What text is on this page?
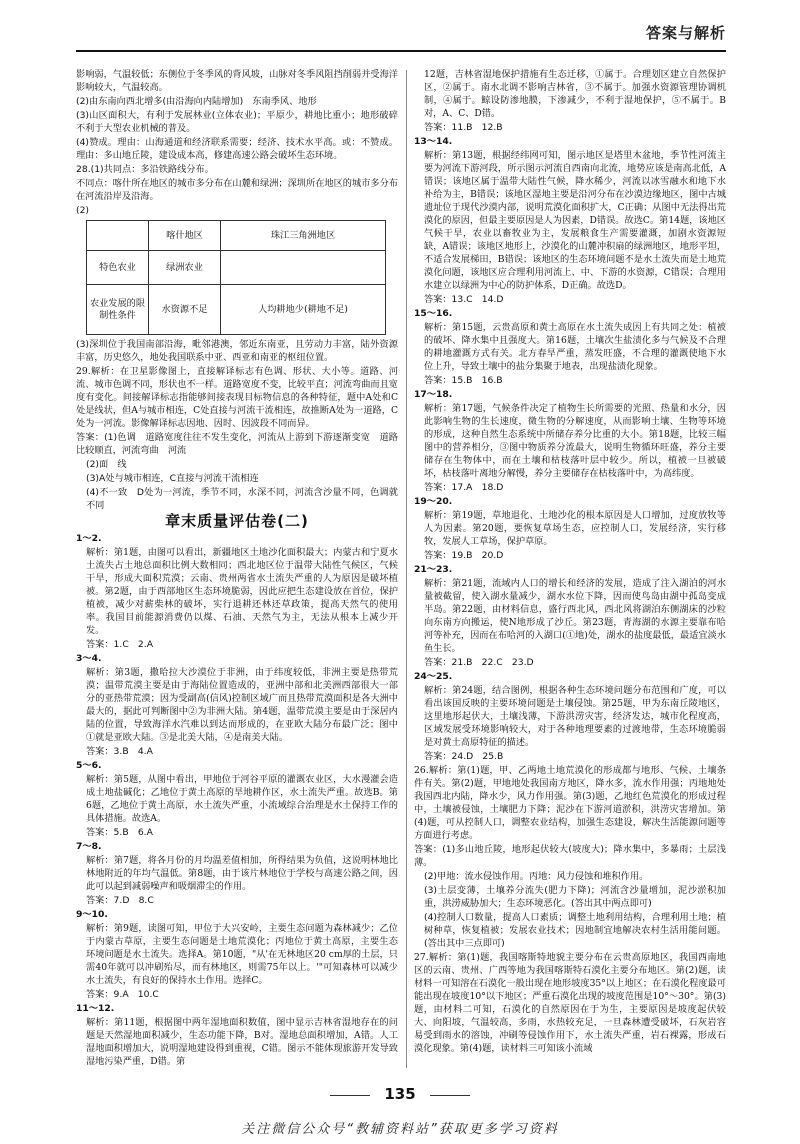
答案与解析
影响弱，气温较低；东侧位于冬季风的背风坡，山脉对冬季风阻挡削弱并受海洋影响较大，气温较高。
(2)由东南向西北增多(由沿海向内陆增加)　东南季风、地形
(3)山区面积大，有利于发展林业(立体农业)；平原少，耕地比重小；地形破碎不利于大型农业机械的普及。
(4)赞成。理由：山海通道和经济联系需要；经济、技术水平高。或：不赞成。理由：多山地丘陵，建设成本高，修建高速公路会破坏生态环境。
28.(1)共同点：多沿铁路线分布。
不同点：喀什所在地区的城市多分布在山麓和绿洲；深圳所在地区的城市多分布在河流沿岸及沿海。
(2)
	喀什地区	珠江三角洲地区
特色农业	绿洲农业	
农业发展的限制性条件	水资源不足	人均耕地少(耕地不足)
(3)深圳位于我国南部沿海，毗邻港澳，邻近东南亚，且劳动力丰富，陆外资源丰富，历史悠久，地处我国联系中亚、西亚和南亚的枢纽位置。
29.解析：在卫星影像图上，直接解译标志有色调、形状、大小等。道路、河流、城市色调不同，形状也不一样。道路宽度不变，比较平直；河流弯曲而且宽度有变化。间接解译标志指能够间接表现目标物信息的各种特征，题中A处和C处是线状，但A与城市相连，C处直接与河流干流相连，故推断A处为一道路，C处为一河流。影像解译标志因地、因时、因波段不同而异。
答案：(1)色调　道路宽度往往不发生变化，河流从上游到下游逐渐变宽　道路比较顺直，河流弯曲　河流
(2)面　线
(3)A处与城市相连，C直接与河流干流相连
(4)不一致　D处为一河流，季节不同，水深不同，河流含沙量不同，色调就不同
章末质量评估卷(二)
1～2.
解析：第1题，由图可以看出，新疆地区土地沙化面积最大；内蒙古和宁夏水土流失占土地总面积比例大数相同；西北地区位于温带大陆性气候区，气候干旱，形成大面积荒漠；云南、贵州两省水土流失严重的人为原因是破坏植被。第2题，由于西部地区生态环境脆弱，因此应把生态建设放在首位，保护植被，减少对薪柴林的破坏，实行退耕还林还草政策，提高天然气的使用率。我国目前能源消费仍以煤、石油、天然气为主，无法从根本上减少开发。
答案：1.C　2.A
3～4.
解析：第3题，撒哈拉大沙漠位于非洲，由于纬度较低，非洲主要是热带荒漠；温带荒漠主要是由于海陆位置造成的，亚洲中部和北美洲西部很大一部分的亚热带荒漠；因为受副高(信风)控制区域广而且热带荒漠面积是各大洲中最大的，据此可判断图中②为非洲大陆。第4题，温带荒漠主要是由于深居内陆的位置，导致海洋水汽难以到达而形成的，在亚欧大陆分布最广泛；图中①就是亚欧大陆。③是北美大陆，④是南美大陆。
答案：3.B　4.A
5～6.
解析：第5题，从图中看出，甲地位于河谷平原的灌溉农业区，大水漫灌会造成土地盐碱化；乙地位于黄土高原的旱地耕作区，水土流失严重。故选B。第6题，乙地位于黄土高原，水土流失严重，小流域综合治理是水土保持工作的具体措施。故选A。
答案：5.B　6.A
7～8.
解析：第7题，将各月份的月均温差值相加，所得结果为负值，这说明林地比林地附近的年均气温低。第8题，由于该片林地位于学校与高速公路之间，因此可以起到减弱噪声和吸烟滞尘的作用。
答案：7.D　8.C
9～10.
解析：第9题，读图可知，甲位于大兴安岭，主要生态问题为森林减少；乙位于内蒙古草原，主要生态问题是土地荒漠化；丙地位于黄土高原，主要生态环境问题是水土流失。选择A。第10题，"从'在无林地区20 cm厚的土层，只需40年就可以冲刷殆尽，而有林地区，则需75年以上。'"可知森林可以减少水土流失，有良好的保持水土作用。选择C。
答案：9.A　10.C
11～12.
解析：第11题，根据图中两年湿地面积数值，图中显示吉林省湿地存在的问题是天然湿地面积减少，生态功能下降，B对。湿地总面积增加，A错。人工湿地面积增加大，说明湿地建设得到重视，C错。图示不能体现旅游开发导致湿地污染严重，D错。第
12题，吉林省湿地保护措施有生态迁移，①属于。合理划区建立自然保护区，②属于。南水北调不影响吉林省，③不属于。加强水资源管理协调机制，④属于。鲸设防渗地膜，下渗减少，不利于湿地保护，⑤不属于。B对，A、C、D错。
答案：11.B　12.B
13～14.
解析：第13题，根据经纬网可知，图示地区是塔里木盆地，季节性河流主要为河流下游河段，所示图示河流自西南向北流，地势应该是南高北低，A错误；该地区属于温带大陆性气候，降水稀少，河流以冰雪融水和地下水补给为主，B错误；该地区湿地主要是沿河分布在沙漠边缘地区，图中古城遗址位于现代沙漠内部，说明荒漠化面积扩大，C正确；从图中无法得出荒漠化的原因，但最主要原因是人为因素，D错误。故选C。第14题，该地区气候干旱，农业以畜牧业为主，发展粮食生产需要灌溉，加剧水资源短缺，A错误；该地区地形上，沙漠化的山麓冲积扇的绿洲地区，地形平坦，不适合发展梯田，B错误；该地区的生态环境问题不是水土流失而是土地荒漠化问题，该地区应合理利用河流上、中、下游的水资源，C错误；合理用水建立以绿洲为中心的防护体系，D正确。故选D。
答案：13.C　14.D
15～16.
解析：第15题，云贵高原和黄土高原在水土流失成因上有共同之处：植被的破坏、降水集中且强度大。第16题，土壤次生盐渍化多与气候及不合理的耕地灌溉方式有关。北方春旱严重，蒸发旺盛，不合理的灌溉使地下水位上升，导致土壤中的盐分集聚于地表，出现盐渍化现象。
答案：15.B　16.B
17～18.
解析：第17题，气候条件决定了植物生长所需要的光照、热量和水分，因此影响生物的生长速度，微生物的分解速度，从而影响土壤、生物等环境的形成，这种自然生态系统中所储存养分比重的大小。第18题，比较三幅图中的营养相分，③图中物质养分流最大，说明生物循环旺盛，养分主要储存在生物体中，而在土壤和枯枝落叶层中较少。所以，植被一旦被破坏，枯枝落叶离地分解慢，养分主要储存在枯枝落叶中，为高纬度。
答案：17.A　18.D
19～20.
解析：第19题，草地退化、土地沙化的根本原因是人口增加，过度放牧等人为因素。第20题，要恢复草场生态，应控制人口，发展经济，实行移牧，发展人工草场，保护草原。
答案：19.B　20.D
21～23.
解析：第21题，流域内人口的增长和经济的发展，造成了注入湖泊的河水量被截留，使入湖水量减少，湖水水位下降，因而使鸟岛由湖中孤岛变成半岛。第22题，由材料信息，盛行西北风，西北风将湖泊东侧湖床的沙粒向东南方向搬运，使N地形成了沙丘。第23题，青海湖的水源主要靠布哈河等补充，因而在布哈河的入湖口(①地)处，湖水的盐度最低，最适宜淡水鱼生长。
答案：21.B　22.C　23.D
24～25.
解析：第24题，结合图例，根据各种生态环境问题分布范围和广度，可以看出该国反映的主要环境问题是土壤侵蚀。第25题，甲为东南丘陵地区，这里地形起伏大，土壤浅薄，下游洪涝灾害，经济发达，城市化程度高，区域发展受环境影响较大，对于各种地理要素的过渡地带，生态环境脆弱是对黄土高原特征的描述。
答案：24.D　25.B
26.解析：第(1)题，甲、乙两地土地荒漠化的形成都与地形、气候、土壤条件有关。第(2)题，甲地地处我国南方地区，降水多，流水作用强；丙地地处我国西北内陆，降水少，风力作用强。第(3)题，乙地红色荒漠化的形成过程中，土壤被侵蚀，土壤肥力下降；泥沙在下游河道淤积，洪涝灾害增加。第(4)题，可从控制人口，调整农业结构，加强生态建设，解决生活能源问题等方面进行考虑。
答案：(1)多山地丘陵，地形起伏较大(坡度大)；降水集中，多暴雨；土层浅薄。
(2)甲地：流水侵蚀作用。丙地：风力侵蚀和堆积作用。
(3)土层变薄，土壤养分流失(肥力下降)；河流含沙量增加，泥沙淤积加重，洪涝威胁加大；生态环境恶化。(答出其中两点即可)
(4)控制人口数量，提高人口素质；调整土地利用结构，合理利用土地；植树种草，恢复植被；发展农业技术；因地制宜地解决农村生活用能问题。(答出其中三点即可)
27.解析：第(1)题，我国喀斯特地貌主要分布在云贵高原地区，我国西南地区的云南、贵州、广西等地为我国喀斯特石漠化主要分布地区。第(2)题，读材料一可知溶在石漠化一般出现在地形坡度35°以上地区；在石漠化程度最可能出现在坡度10°以下地区；严重石漠化出现的坡度范围是10°～30°。第(3)题，由材料二可知，石漠化的自然原因在于为生，主要原因是坡度起伏较大、向阳坡，气温较高，多雨，水热较充足，一旦森林遭受破坏，石灰岩容易受到雨水的溶蚀，冲刷等侵蚀作用下，水土流失严重，岩石裸露，形成石漠化现象。第(4)题，读材料三可知该小流域
135
关注微信公众号“教辅资料站”获取更多学习资料
